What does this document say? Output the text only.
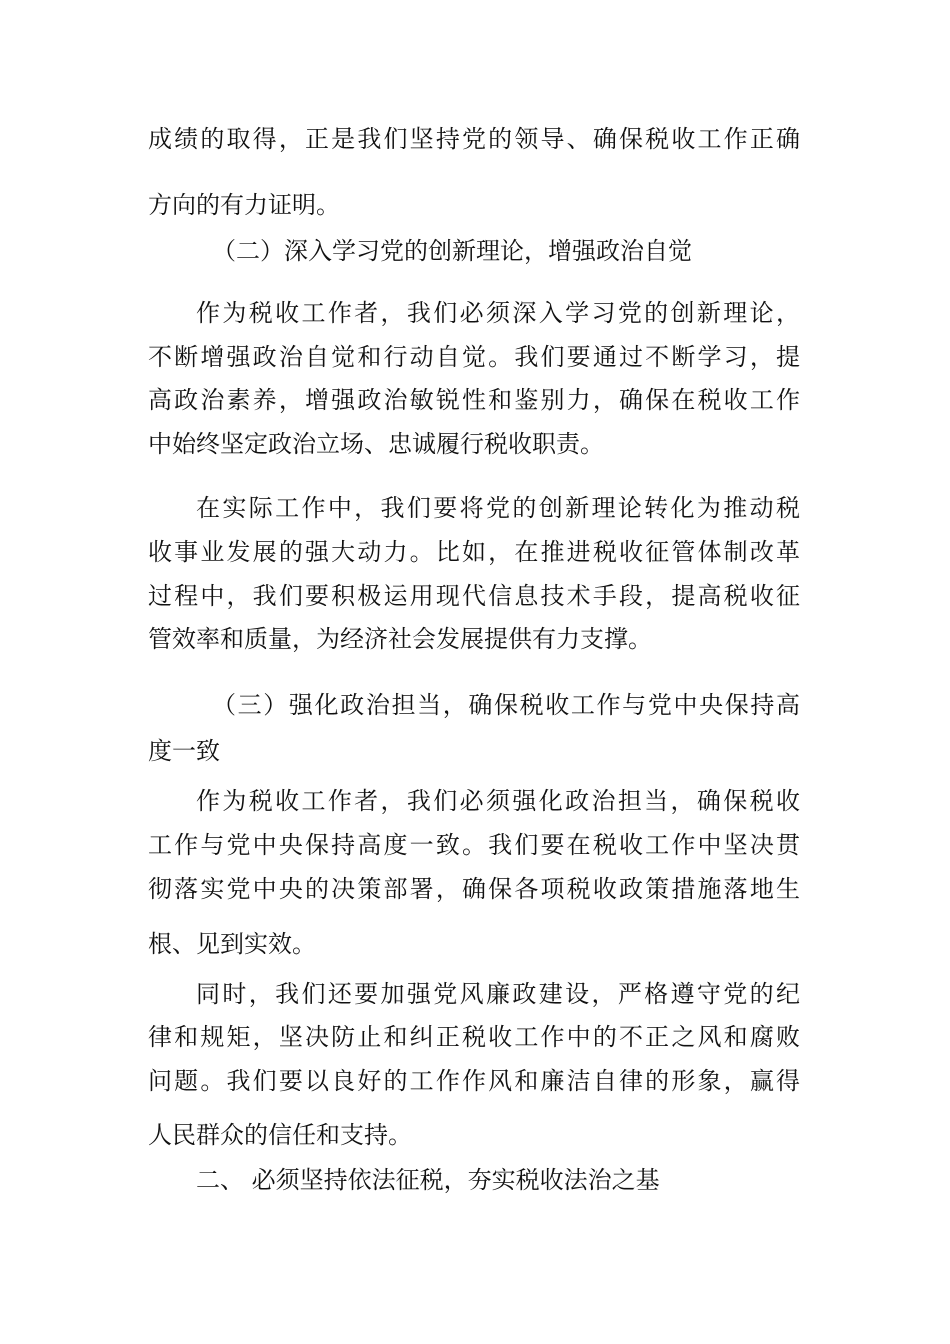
成绩的取得，正是我们坚持党的领导、确保税收工作正确
方向的有力证明。
（二）深入学习党的创新理论，增强政治自觉
作为税收工作者，我们必须深入学习党的创新理论，
不断增强政治自觉和行动自觉。我们要通过不断学习，提
高政治素养，增强政治敏锐性和鉴别力，确保在税收工作
中始终坚定政治立场、忠诚履行税收职责。
在实际工作中，我们要将党的创新理论转化为推动税
收事业发展的强大动力。比如，在推进税收征管体制改革
过程中，我们要积极运用现代信息技术手段，提高税收征
管效率和质量，为经济社会发展提供有力支撑。
（三）强化政治担当，确保税收工作与党中央保持高
度一致
作为税收工作者，我们必须强化政治担当，确保税收
工作与党中央保持高度一致。我们要在税收工作中坚决贯
彻落实党中央的决策部署，确保各项税收政策措施落地生
根、见到实效。
同时，我们还要加强党风廉政建设，严格遵守党的纪
律和规矩，坚决防止和纠正税收工作中的不正之风和腐败
问题。我们要以良好的工作作风和廉洁自律的形象，赢得
人民群众的信任和支持。
二、 必须坚持依法征税，夯实税收法治之基
